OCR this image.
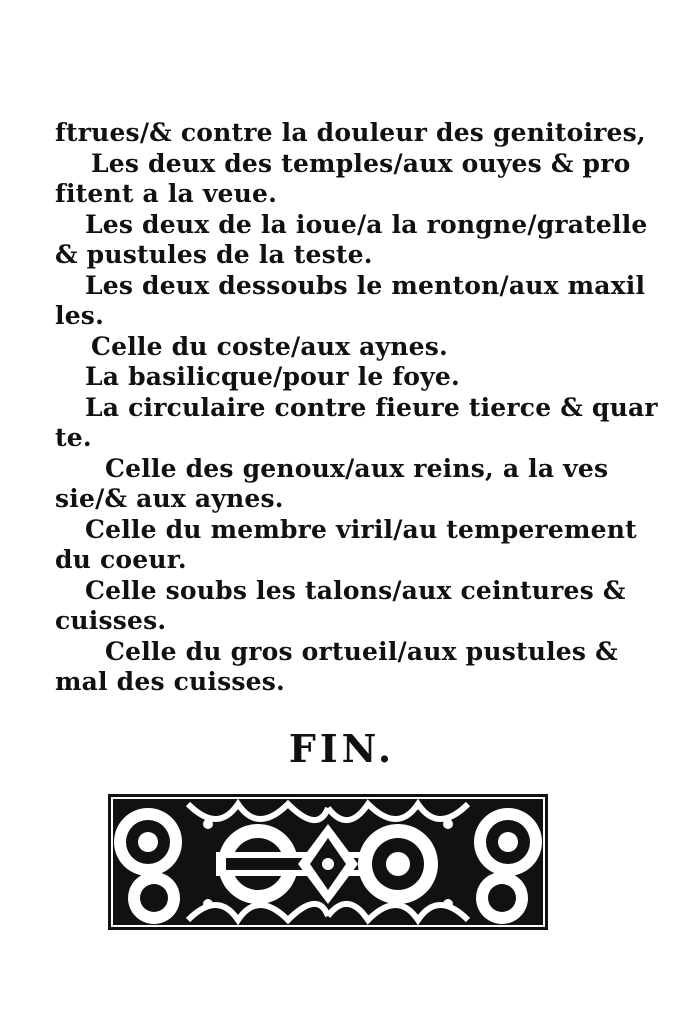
ftrues/& contre la douleur des genitoires,
Les deux des temples/aux ouyes & pro
fitent a la veue.
Les deux de la ioue/a la rongne/gratelle
& pustules de la teste.
Les deux dessoubs le menton/aux maxil
les.
Celle du coste/aux aynes.
La basilicque/pour le foye.
La circulaire contre fieure tierce & quar
te.
Celle des genoux/aux reins, a la ves
sie/& aux aynes.
Celle du membre viril/au temperement
du coeur.
Celle soubs les talons/aux ceintures &
cuisses.
Celle du gros ortueil/aux pustules &
mal des cuisses.
FIN.
